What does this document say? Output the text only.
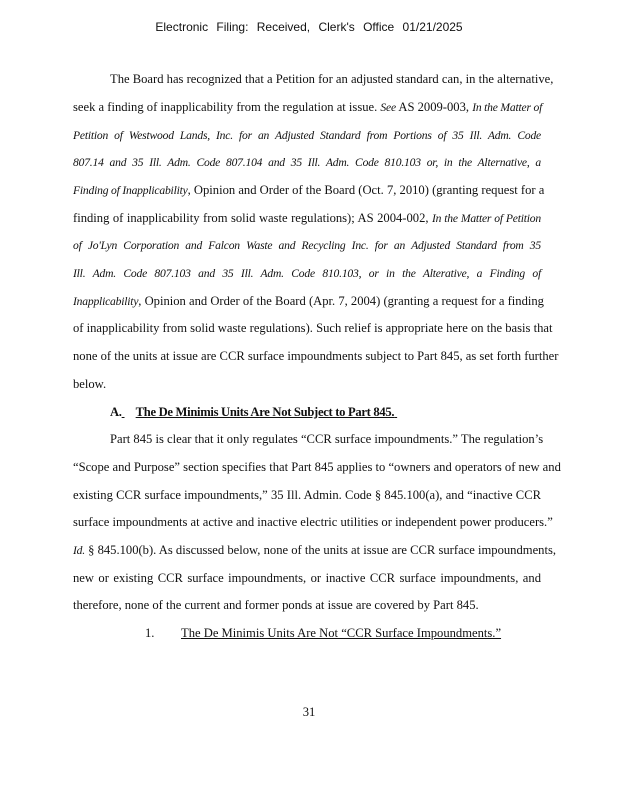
Electronic Filing: Received, Clerk's Office 01/21/2025
The Board has recognized that a Petition for an adjusted standard can, in the alternative,
seek a finding of inapplicability from the regulation at issue. See AS 2009-003, In the Matter of
Petition of Westwood Lands, Inc. for an Adjusted Standard from Portions of 35 Ill. Adm. Code
807.14 and 35 Ill. Adm. Code 807.104 and 35 Ill. Adm. Code 810.103 or, in the Alternative, a
Finding of Inapplicability, Opinion and Order of the Board (Oct. 7, 2010) (granting request for a
finding of inapplicability from solid waste regulations); AS 2004-002, In the Matter of Petition
of Jo'Lyn Corporation and Falcon Waste and Recycling Inc. for an Adjusted Standard from 35
Ill. Adm. Code 807.103 and 35 Ill. Adm. Code 810.103, or in the Alterative, a Finding of
Inapplicability, Opinion and Order of the Board (Apr. 7, 2004) (granting a request for a finding
of inapplicability from solid waste regulations). Such relief is appropriate here on the basis that
none of the units at issue are CCR surface impoundments subject to Part 845, as set forth further
below.
Part 845 is clear that it only regulates “CCR surface impoundments.” The regulation’s
“Scope and Purpose” section specifies that Part 845 applies to “owners and operators of new and
existing CCR surface impoundments,” 35 Ill. Admin. Code § 845.100(a), and “inactive CCR
surface impoundments at active and inactive electric utilities or independent power producers.”
Id. § 845.100(b). As discussed below, none of the units at issue are CCR surface impoundments,
new or existing CCR surface impoundments, or inactive CCR surface impoundments, and
therefore, none of the current and former ponds at issue are covered by Part 845.
A. The De Minimis Units Are Not Subject to Part 845.
1. The De Minimis Units Are Not “CCR Surface Impoundments.”
31
